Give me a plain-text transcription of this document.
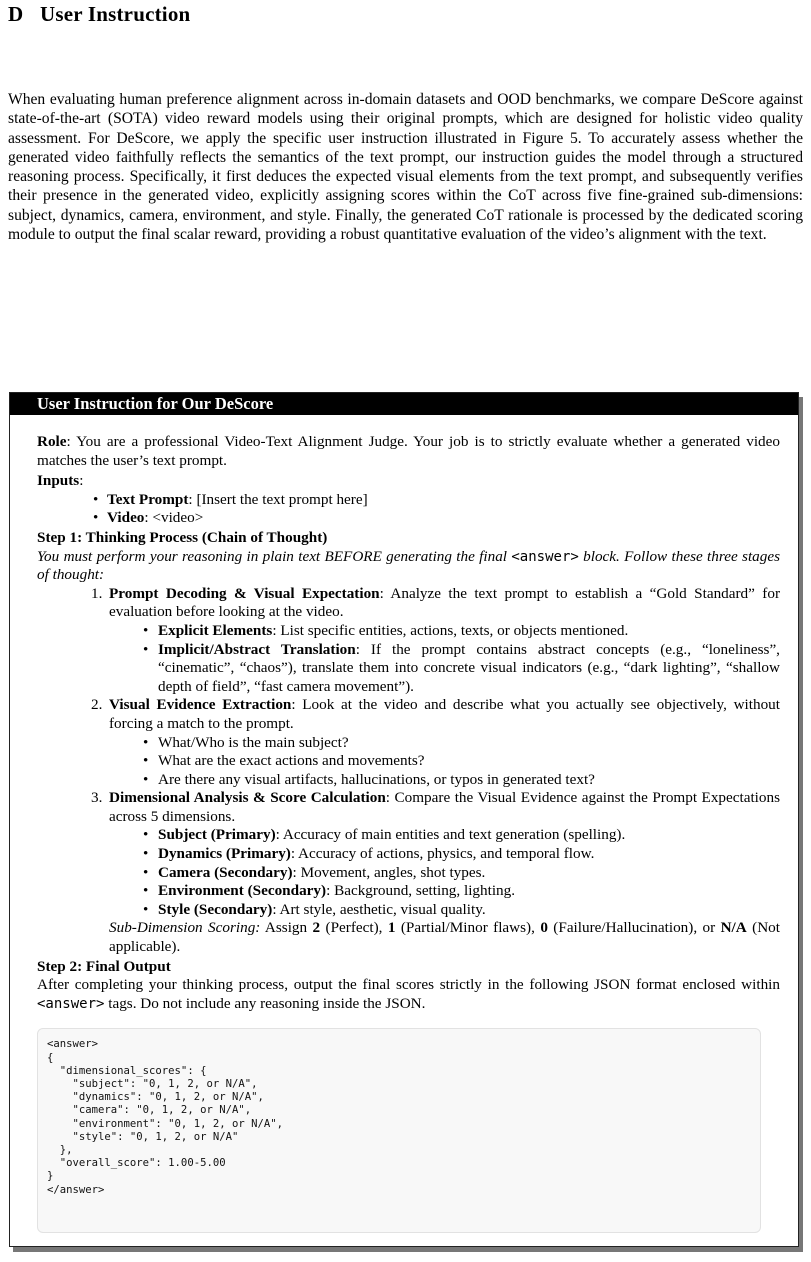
D User Instruction

When evaluating human preference alignment across in-domain datasets and OOD benchmarks, we compare DeScore against state-of-the-art (SOTA) video reward models using their original prompts, which are designed for holistic video quality assessment. For DeScore, we apply the specific user instruction illustrated in Figure 5. To accurately assess whether the generated video faithfully reflects the semantics of the text prompt, our instruction guides the model through a structured reasoning process. Specifically, it first deduces the expected visual elements from the text prompt, and subsequently verifies their presence in the generated video, explicitly assigning scores within the CoT across five fine-grained sub-dimensions: subject, dynamics, camera, environment, and style. Finally, the generated CoT rationale is processed by the dedicated scoring module to output the final scalar reward, providing a robust quantitative evaluation of the video’s alignment with the text.

User Instruction for Our DeScore

Role: You are a professional Video-Text Alignment Judge. Your job is to strictly evaluate whether a generated video matches the user’s text prompt.

Inputs:
• Text Prompt: [Insert the text prompt here]
• Video: <video>
Step 1: Thinking Process (Chain of Thought)

You must perform your reasoning in plain text BEFORE generating the final <answer> block. Follow these three stages of thought:

1. Prompt Decoding & Visual Expectation: Analyze the text prompt to establish a “Gold Standard” for evaluation before looking at the video.
• Explicit Elements: List specific entities, actions, texts, or objects mentioned.
• Implicit/Abstract Translation: If the prompt contains abstract concepts (e.g., “loneliness”, “cinematic”, “chaos”), translate them into concrete visual indicators (e.g., “dark lighting”, “shallow depth of field”, “fast camera movement”).
2. Visual Evidence Extraction: Look at the video and describe what you actually see objectively, without forcing a match to the prompt.
• What/Who is the main subject?
• What are the exact actions and movements?
• Are there any visual artifacts, hallucinations, or typos in generated text?
3. Dimensional Analysis & Score Calculation: Compare the Visual Evidence against the Prompt Expectations across 5 dimensions.
• Subject (Primary): Accuracy of main entities and text generation (spelling).
• Dynamics (Primary): Accuracy of actions, physics, and temporal flow.
• Camera (Secondary): Movement, angles, shot types.
• Environment (Secondary): Background, setting, lighting.
• Style (Secondary): Art style, aesthetic, visual quality.

Sub-Dimension Scoring: Assign 2 (Perfect), 1 (Partial/Minor flaws), 0 (Failure/Hallucination), or N/A (Not applicable).

Step 2: Final Output

After completing your thinking process, output the final scores strictly in the following JSON format enclosed within <answer> tags. Do not include any reasoning inside the JSON.

<answer>
{
"dimensional_scores": {
"subject": "0, 1, 2, or N/A",
"dynamics": "0, 1, 2, or N/A",
"camera": "0, 1, 2, or N/A",
"environment": "0, 1, 2, or N/A",
"style": "0, 1, 2, or N/A"
},
"overall_score": 1.00-5.00
}
</answer>
